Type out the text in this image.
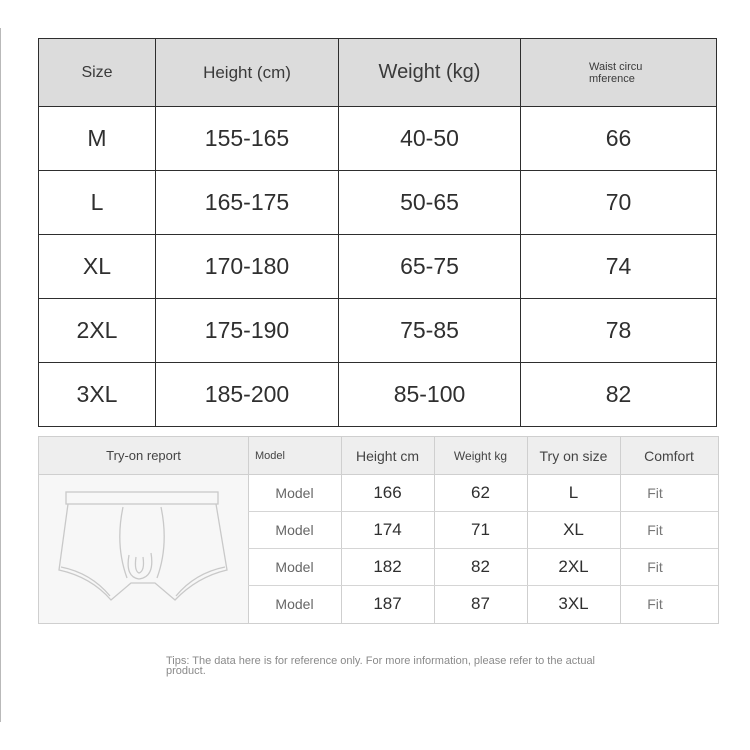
Size	Height (cm)	Weight (kg)	Waist circumference

M	155-165	40-50	66
L	165-175	50-65	70
XL	170-180	65-75	74
2XL	175-190	75-85	78
3XL	185-200	85-100	82
Try-on report	Model	Height cm	Weight kg	Try on size	Comfort
Model	166	62	L	Fit
Model	174	71	XL	Fit
Model	182	82	2XL	Fit
Model	187	87	3XL	Fit
Tips: The data here is for reference only. For more information, please refer to the actual product.
